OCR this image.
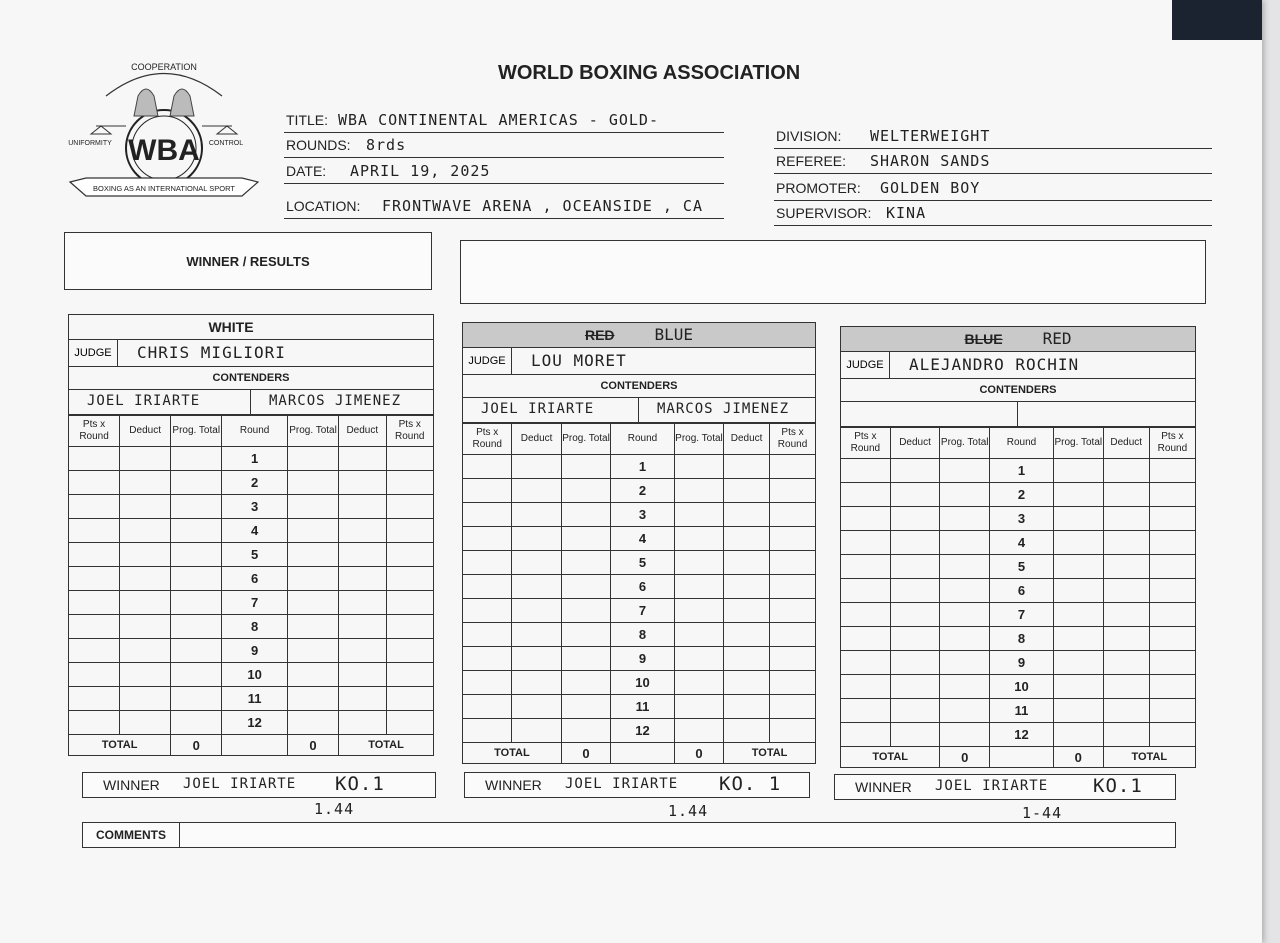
COOPERATION
WBA
UNIFORMITY	CONTROL
BOXING AS AN INTERNATIONAL SPORT
WORLD BOXING ASSOCIATION
TITLE: WBA CONTINENTAL AMERICAS - GOLD-
ROUNDS: 8rds
DATE: APRIL 19, 2025
LOCATION: FRONTWAVE ARENA , OCEANSIDE , CA
DIVISION: WELTERWEIGHT
REFEREE: SHARON SANDS
PROMOTER: GOLDEN BOY
SUPERVISOR: KINA
WINNER / RESULTS
WHITE
JUDGE	CHRIS MIGLIORI
CONTENDERS
JOEL IRIARTE	MARCOS JIMENEZ
Pts x Round	Deduct	Prog. Total	Round	Prog. Total	Deduct	Pts x Round
			1			
			2			
			3			
			4			
			5			
			6			
			7			
			8			
			9			
			10			
			11			
			12			
TOTAL		0		0	TOTAL	
RED	BLUE
JUDGE	LOU MORET
CONTENDERS
JOEL IRIARTE	MARCOS JIMENEZ
Pts x Round	Deduct	Prog. Total	Round	Prog. Total	Deduct	Pts x Round
			1			
			2			
			3			
			4			
			5			
			6			
			7			
			8			
			9			
			10			
			11			
			12			
TOTAL		0		0	TOTAL	
BLUE	RED
JUDGE	ALEJANDRO ROCHIN
CONTENDERS
Pts x Round	Deduct	Prog. Total	Round	Prog. Total	Deduct	Pts x Round
			1			
			2			
			3			
			4			
			5			
			6			
			7			
			8			
			9			
			10			
			11			
			12			
TOTAL		0		0	TOTAL	
WINNER JOEL IRIARTE KO.1
1.44
WINNER JOEL IRIARTE KO. 1
1.44
WINNER JOEL IRIARTE KO.1
1-44
COMMENTS
